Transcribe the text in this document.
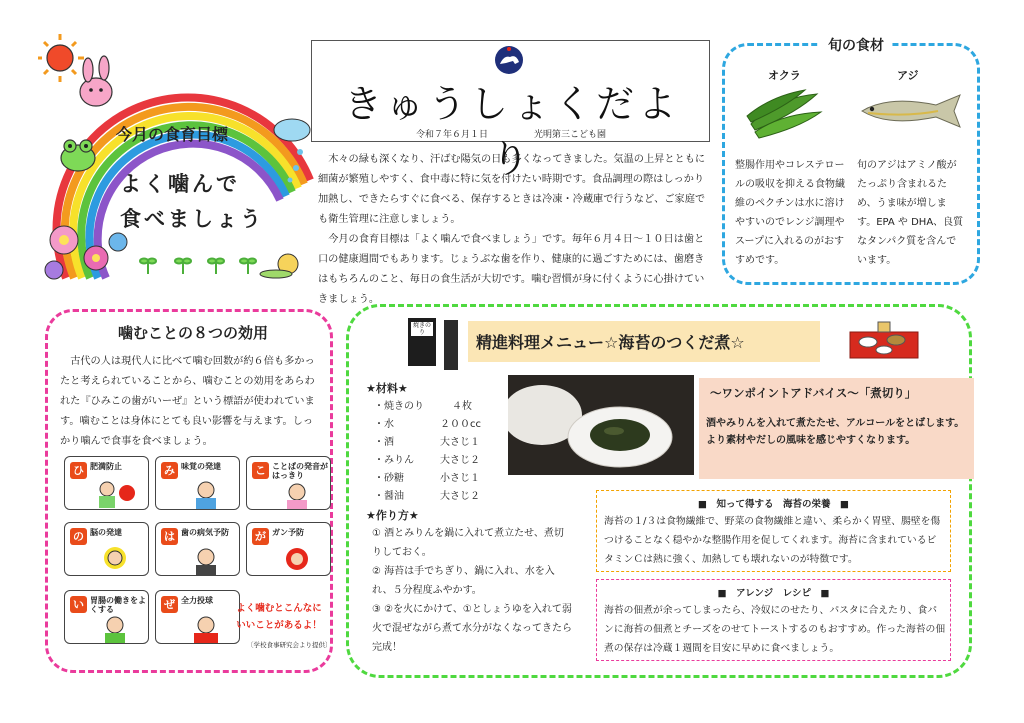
今月の食育目標
よく噛んで
食べましょう
きゅうしょくだより
令和７年６月１日	光明第三こども園

木々の緑も深くなり、汗ばむ陽気の日も多くなってきました。気温の上昇とともに細菌が繁殖しやすく、食中毒に特に気を付けたい時期です。食品調理の際はしっかり加熱し、できたらすぐに食べる、保存するときは冷凍・冷蔵庫で行うなど、ご家庭でも衛生管理に注意しましょう。

今月の食育目標は「よく噛んで食べましょう」です。毎年６月４日～１０日は歯と口の健康週間でもあります。じょうぶな歯を作り、健康的に過ごすためには、歯磨きはもちろんのこと、毎日の食生活が大切です。噛む習慣が身に付くように心掛けていきましょう。

旬の食材
オクラ	アジ
整腸作用やコレステロールの吸収を抑える食物繊維のペクチンは水に溶けやすいのでレンジ調理やスープに入れるのがおすすめです。
旬のアジはアミノ酸がたっぷり含まれるため、うま味が増します。EPA や DHA、良質なタンパク質を含んでいます。
噛むことの８つの効用

古代の人は現代人に比べて噛む回数が約６倍も多かったと考えられていることから、噛むことの効用をあらわれた『ひみこの歯がいーぜ』という標語が使われています。噛むことは身体にとても良い影響を与えます。しっかり噛んで食事を食べましょう。

ひ 肥満防止	み 味覚の発達	こ ことばの発音がはっきり
の 脳の発達	は 歯の病気予防	が ガン予防
い 胃腸の働きをよくする	ぜ 全力投球
よく噛むとこんなにいいことがあるよ！
〔学校食事研究会より提供〕
焼きのり
精進料理メニュー☆海苔のつくだ煮☆
★材料★
・焼きのり	４枚
・水	２００cc
・酒	大さじ１
・みりん	大さじ２
・砂糖	小さじ１
・醤油	大さじ２
★作り方★
① 酒とみりんを鍋に入れて煮立たせ、煮切りしておく。
② 海苔は手でちぎり、鍋に入れ、水を入れ、５分程度ふやかす。
③ ②を火にかけて、①としょうゆを入れて弱火で混ぜながら煮て水分がなくなってきたら完成！
～ワンポイントアドバイス～「煮切り」
酒やみりんを入れて煮たたせ、アルコールをとばします。より素材やだしの風味を感じやすくなります。
■　知って得する　海苔の栄養　■
海苔の１/３は食物繊維で、野菜の食物繊維と違い、柔らかく胃壁、腸壁を傷つけることなく穏やかな整腸作用を促してくれます。海苔に含まれているビタミンＣは熱に強く、加熱しても壊れないのが特徴です。
■　アレンジ　レシピ　■
海苔の佃煮が余ってしまったら、冷奴にのせたり、パスタに合えたり、食パンに海苔の佃煮とチーズをのせてトーストするのもおすすめ。作った海苔の佃煮の保存は冷蔵１週間を目安に早めに食べましょう。
